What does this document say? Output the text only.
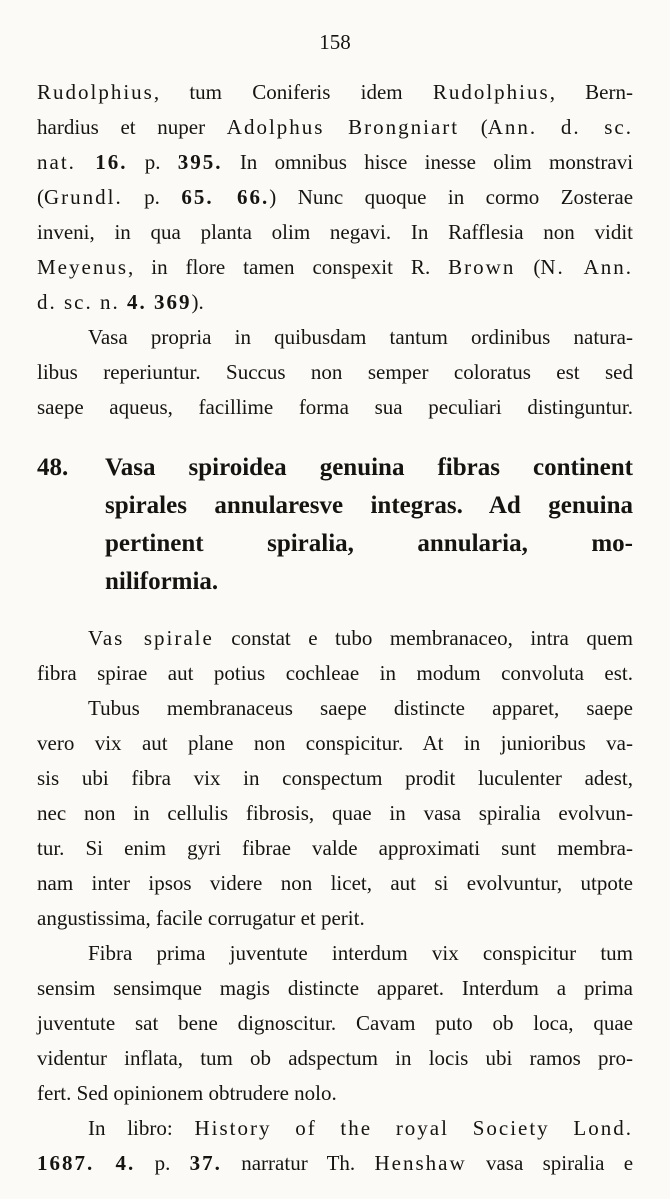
158
Rudolphius, tum Coniferis idem Rudolphius, Bern-
hardius et nuper Adolphus Brongniart (Ann. d. sc.
nat. 16. p. 395. In omnibus hisce inesse olim monstravi
(Grundl. p. 65. 66.) Nunc quoque in cormo Zosterae
inveni, in qua planta olim negavi. In Rafflesia non vidit
Meyenus, in flore tamen conspexit R. Brown (N. Ann.
d. sc. n. 4. 369).
Vasa propria in quibusdam tantum ordinibus natura-
libus reperiuntur. Succus non semper coloratus est sed
saepe aqueus, facillime forma sua peculiari distinguntur.
48. Vasa spiroidea genuina fibras continent
spirales annularesve integras. Ad genuina
pertinent spiralia, annularia, mo-
niliformia.
Vas spirale constat e tubo membranaceo, intra quem
fibra spirae aut potius cochleae in modum convoluta est.
Tubus membranaceus saepe distincte apparet, saepe
vero vix aut plane non conspicitur. At in junioribus va-
sis ubi fibra vix in conspectum prodit luculenter adest,
nec non in cellulis fibrosis, quae in vasa spiralia evolvun-
tur. Si enim gyri fibrae valde approximati sunt membra-
nam inter ipsos videre non licet, aut si evolvuntur, utpote
angustissima, facile corrugatur et perit.
Fibra prima juventute interdum vix conspicitur tum
sensim sensimque magis distincte apparet. Interdum a prima
juventute sat bene dignoscitur. Cavam puto ob loca, quae
videntur inflata, tum ob adspectum in locis ubi ramos pro-
fert. Sed opinionem obtrudere nolo.
In libro: History of the royal Society Lond.
1687. 4. p. 37. narratur Th. Henshaw vasa spiralia e
